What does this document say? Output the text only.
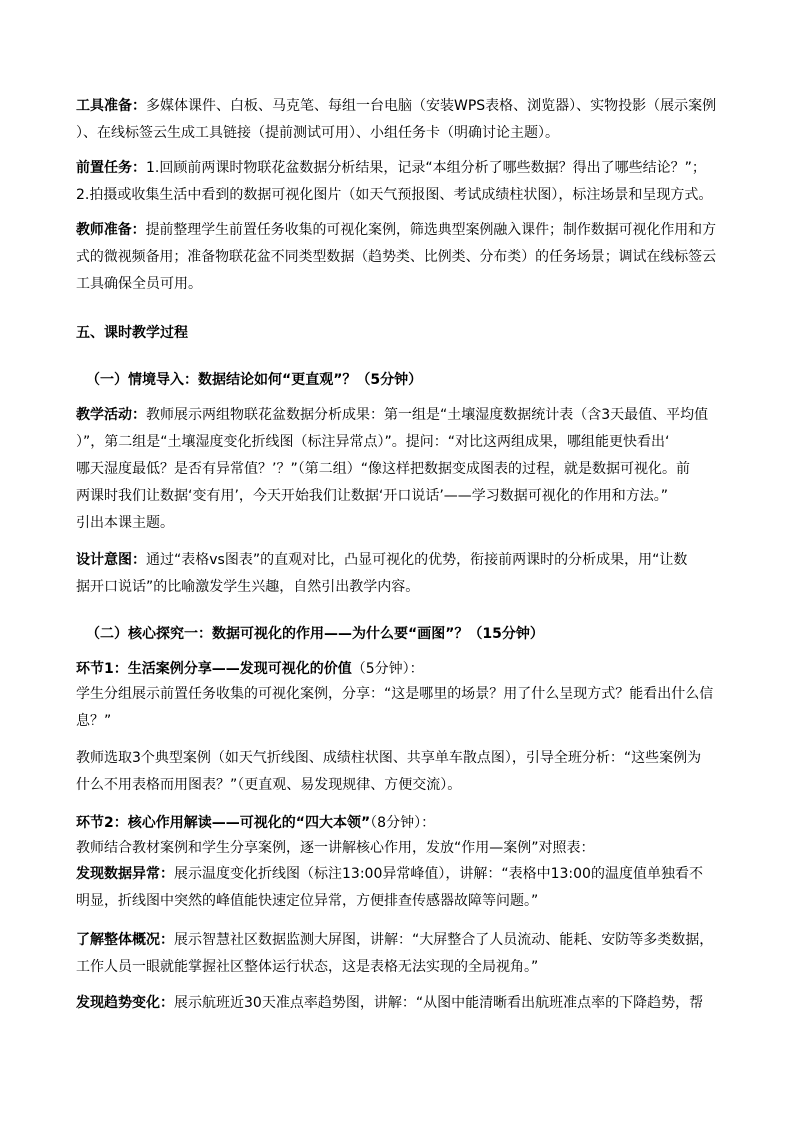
工具准备：多媒体课件、白板、马克笔、每组一台电脑（安装WPS表格、浏览器）、实物投影（展示案例
）、在线标签云生成工具链接（提前测试可用）、小组任务卡（明确讨论主题）。
前置任务：1.回顾前两课时物联花盆数据分析结果，记录“本组分析了哪些数据？得出了哪些结论？”；
2.拍摄或收集生活中看到的数据可视化图片（如天气预报图、考试成绩柱状图），标注场景和呈现方式。
教师准备：提前整理学生前置任务收集的可视化案例，筛选典型案例融入课件；制作数据可视化作用和方
式的微视频备用；准备物联花盆不同类型数据（趋势类、比例类、分布类）的任务场景；调试在线标签云
工具确保全员可用。
五、课时教学过程
（一）情境导入：数据结论如何“更直观”？（5分钟）
教学活动：教师展示两组物联花盆数据分析成果：第一组是“土壤湿度数据统计表（含3天最值、平均值
）”，第二组是“土壤湿度变化折线图（标注异常点）”。提问：“对比这两组成果，哪组能更快看出‘
哪天湿度最低？是否有异常值？’？”（第二组）“像这样把数据变成图表的过程，就是数据可视化。前
两课时我们让数据‘变有用’，今天开始我们让数据‘开口说话’——学习数据可视化的作用和方法。”
引出本课主题。
设计意图：通过“表格vs图表”的直观对比，凸显可视化的优势，衔接前两课时的分析成果，用“让数
据开口说话”的比喻激发学生兴趣，自然引出教学内容。
（二）核心探究一：数据可视化的作用——为什么要“画图”？（15分钟）
环节1：生活案例分享——发现可视化的价值（5分钟）：
学生分组展示前置任务收集的可视化案例，分享：“这是哪里的场景？用了什么呈现方式？能看出什么信
息？”
教师选取3个典型案例（如天气折线图、成绩柱状图、共享单车散点图），引导全班分析：“这些案例为
什么不用表格而用图表？”（更直观、易发现规律、方便交流）。
环节2：核心作用解读——可视化的“四大本领”（8分钟）：
教师结合教材案例和学生分享案例，逐一讲解核心作用，发放“作用—案例”对照表：
发现数据异常：展示温度变化折线图（标注13:00异常峰值），讲解：“表格中13:00的温度值单独看不
明显，折线图中突然的峰值能快速定位异常，方便排查传感器故障等问题。”
了解整体概况：展示智慧社区数据监测大屏图，讲解：“大屏整合了人员流动、能耗、安防等多类数据，
工作人员一眼就能掌握社区整体运行状态，这是表格无法实现的全局视角。”
发现趋势变化：展示航班近30天准点率趋势图，讲解：“从图中能清晰看出航班准点率的下降趋势，帮
